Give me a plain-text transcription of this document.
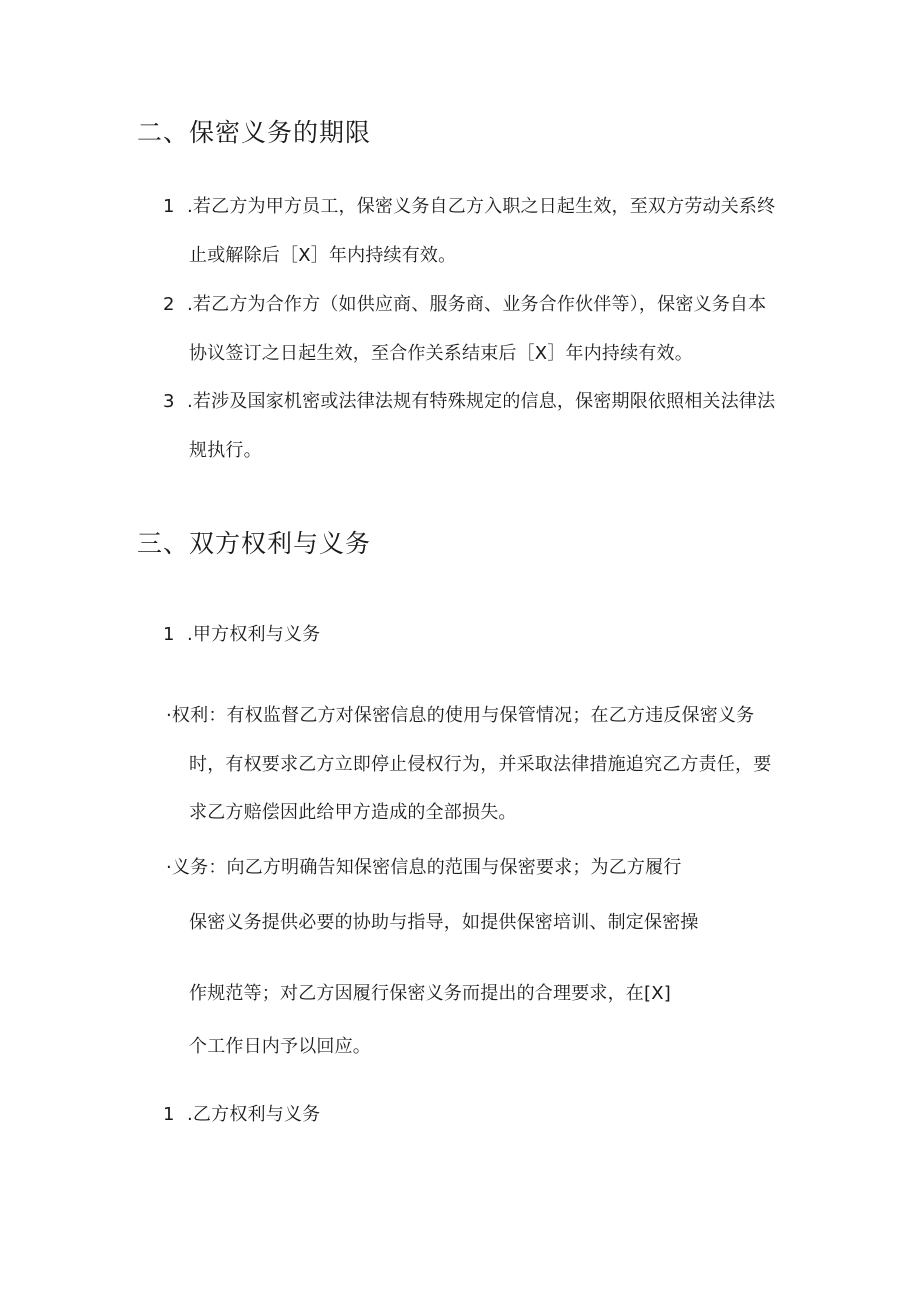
二、保密义务的期限
1 .若乙方为甲方员工，保密义务自乙方入职之日起生效，至双方劳动关系终
止或解除后［X］年内持续有效。
2 .若乙方为合作方（如供应商、服务商、业务合作伙伴等），保密义务自本
协议签订之日起生效，至合作关系结束后［X］年内持续有效。
3 .若涉及国家机密或法律法规有特殊规定的信息，保密期限依照相关法律法
规执行。
三、双方权利与义务
1 .甲方权利与义务
·权利：有权监督乙方对保密信息的使用与保管情况；在乙方违反保密义务
时，有权要求乙方立即停止侵权行为，并采取法律措施追究乙方责任，要
求乙方赔偿因此给甲方造成的全部损失。
·义务：向乙方明确告知保密信息的范围与保密要求；为乙方履行
保密义务提供必要的协助与指导，如提供保密培训、制定保密操
作规范等；对乙方因履行保密义务而提出的合理要求，在[X]
个工作日内予以回应。
1 .乙方权利与义务
